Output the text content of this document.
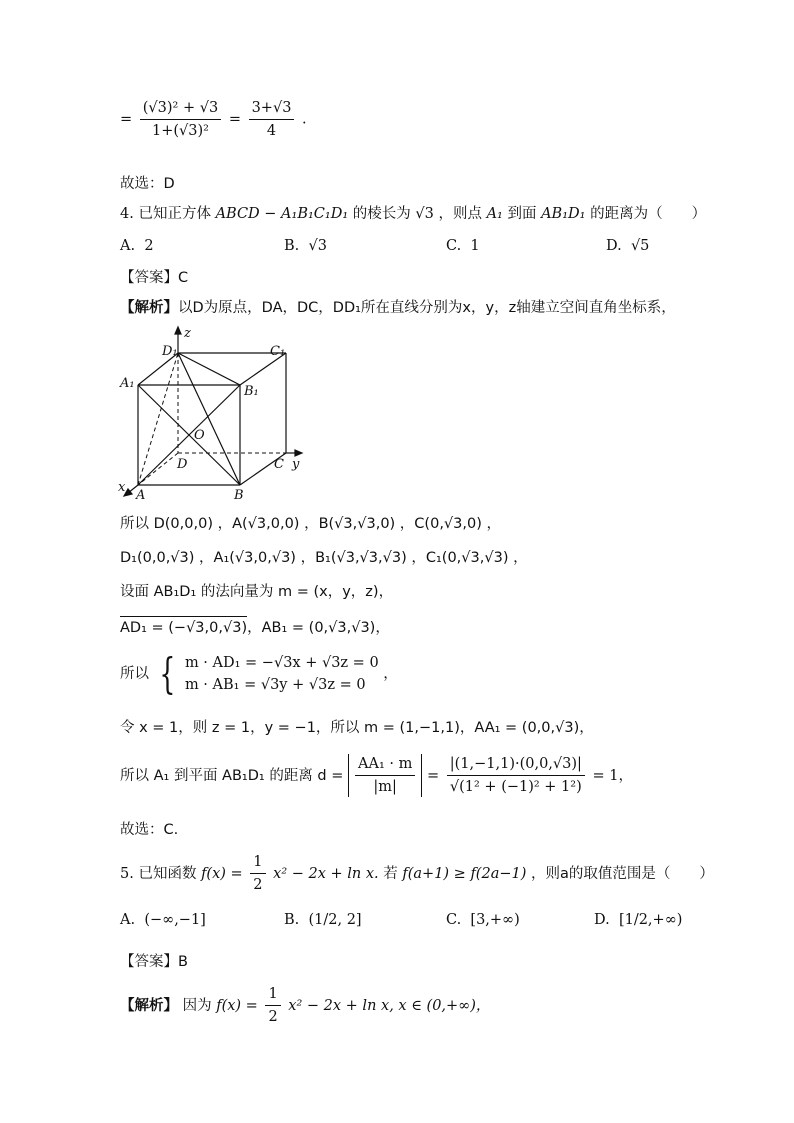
= $\frac{\text{(√3)² + √3}}{\text{1+(√3)²}} = \frac{3+√3}{4}$ .
故选：D
4. 已知正方体 ABCD − A₁B₁C₁D₁ 的棱长为 √3 ，则点 A₁ 到面 AB₁D₁ 的距离为（　　）
A. 2	B. √3	C. 1	D. √5
【答案】C
【解析】以D为原点，DA，DC，DD₁所在直线分别为x，y，z轴建立空间直角坐标系，
z
D₁	C₁
A₁
B₁
O
D	C y
x
A	B
所以 D(0,0,0) ，A(√3,0,0) ，B(√3,√3,0) ，C(0,√3,0) ，
D₁(0,0,√3) ，A₁(√3,0,√3) ，B₁(√3,√3,√3) ，C₁(0,√3,√3) ，
设面 AB₁D₁ 的法向量为 m = (x，y，z)，
AD₁ = (−√3,0,√3)，AB₁ = (0,√3,√3)，
所以 { m · AD₁ = −√3x + √3z = 0
m · AB₁ = √3y + √3z = 0
，
令 x = 1，则 z = 1，y = −1，所以 m = (1,−1,1)，AA₁ = (0,0,√3)，
所以 A₁ 到平面 AB₁D₁ 的距离 $d = \frac{\text{AA₁ · m}}{|m|} = \frac{|(1,-1,1)\cdot(0,0,√3)|}{\text{√(1² + (−1)² + 1²)}} = 1$，
故选：C.
5. 已知函数 $f(x) = \frac{1}{2} x^2 - 2x + \ln x$. 若 f(a+1) ≥ f(2a−1) ，则a的取值范围是（　　）
A. (−∞,−1]	B. (1/2, 2]	C. [3,+∞)	D. [1/2,+∞)
【答案】B
【解析】 因为 $f(x) = \frac{1}{2} x^2 - 2x + \ln x$, x ∈ (0,+∞)，
